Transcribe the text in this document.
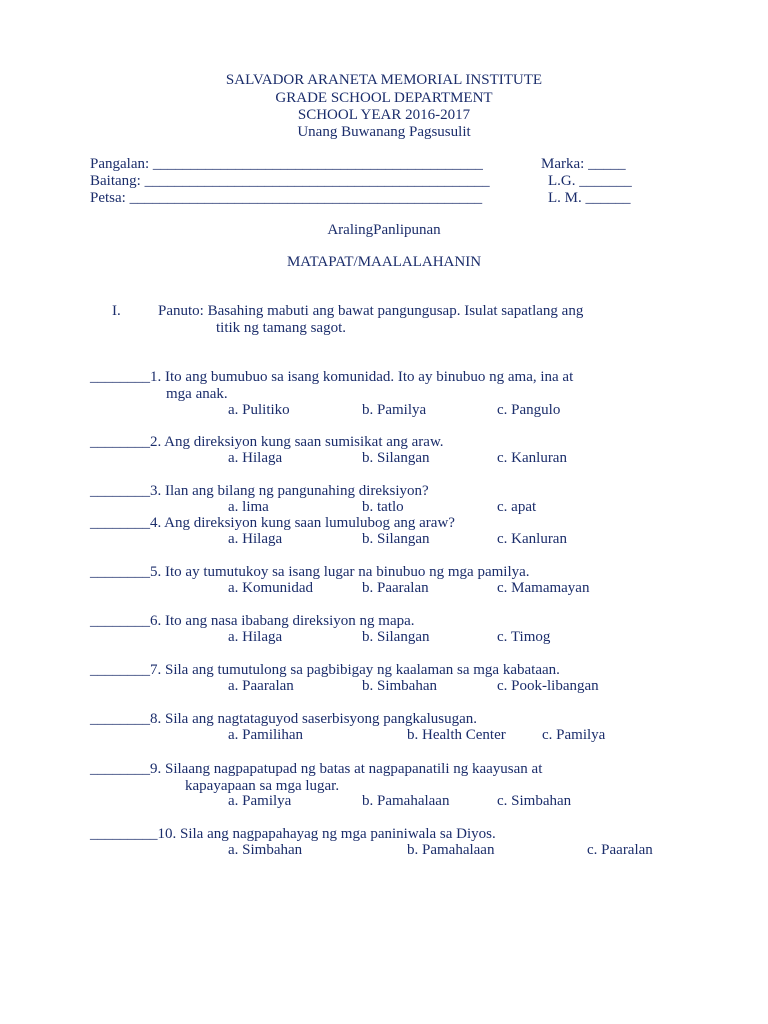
SALVADOR ARANETA MEMORIAL INSTITUTE
GRADE SCHOOL DEPARTMENT
SCHOOL YEAR 2016-2017
Unang Buwanang Pagsusulit
Pangalan: ____________________________________________	Marka: _____
Baitang: ______________________________________________	L.G. _______
Petsa: _______________________________________________	L. M. ______
AralingPanlipunan
MATAPAT/MAALALAHANIN
I. Panuto: Basahing mabuti ang bawat pangungusap. Isulat sapatlang ang
titik ng tamang sagot.
________1. Ito ang bumubuo sa isang komunidad. Ito ay binubuo ng ama, ina at
mga anak.
a. Pulitiko	b. Pamilya	c. Pangulo
________2. Ang direksiyon kung saan sumisikat ang araw.
a. Hilaga	b. Silangan	c. Kanluran
________3. Ilan ang bilang ng pangunahing direksiyon?
a. lima	b. tatlo	c. apat
________4. Ang direksiyon kung saan lumulubog ang araw?
a. Hilaga	b. Silangan	c. Kanluran
________5. Ito ay tumutukoy sa isang lugar na binubuo ng mga pamilya.
a. Komunidad	b. Paaralan	c. Mamamayan
________6. Ito ang nasa ibabang direksiyon ng mapa.
a. Hilaga	b. Silangan	c. Timog
________7. Sila ang tumutulong sa pagbibigay ng kaalaman sa mga kabataan.
a. Paaralan	b. Simbahan	c. Pook-libangan
________8. Sila ang nagtataguyod saserbisyong pangkalusugan.
a. Pamilihan	b. Health Center c. Pamilya
________9. Silaang nagpapatupad ng batas at nagpapanatili ng kaayusan at
kapayapaan sa mga lugar.
a. Pamilya	b. Pamahalaan	c. Simbahan
_________10. Sila ang nagpapahayag ng mga paniniwala sa Diyos.
a. Simbahan	b. Pamahalaan	c. Paaralan
